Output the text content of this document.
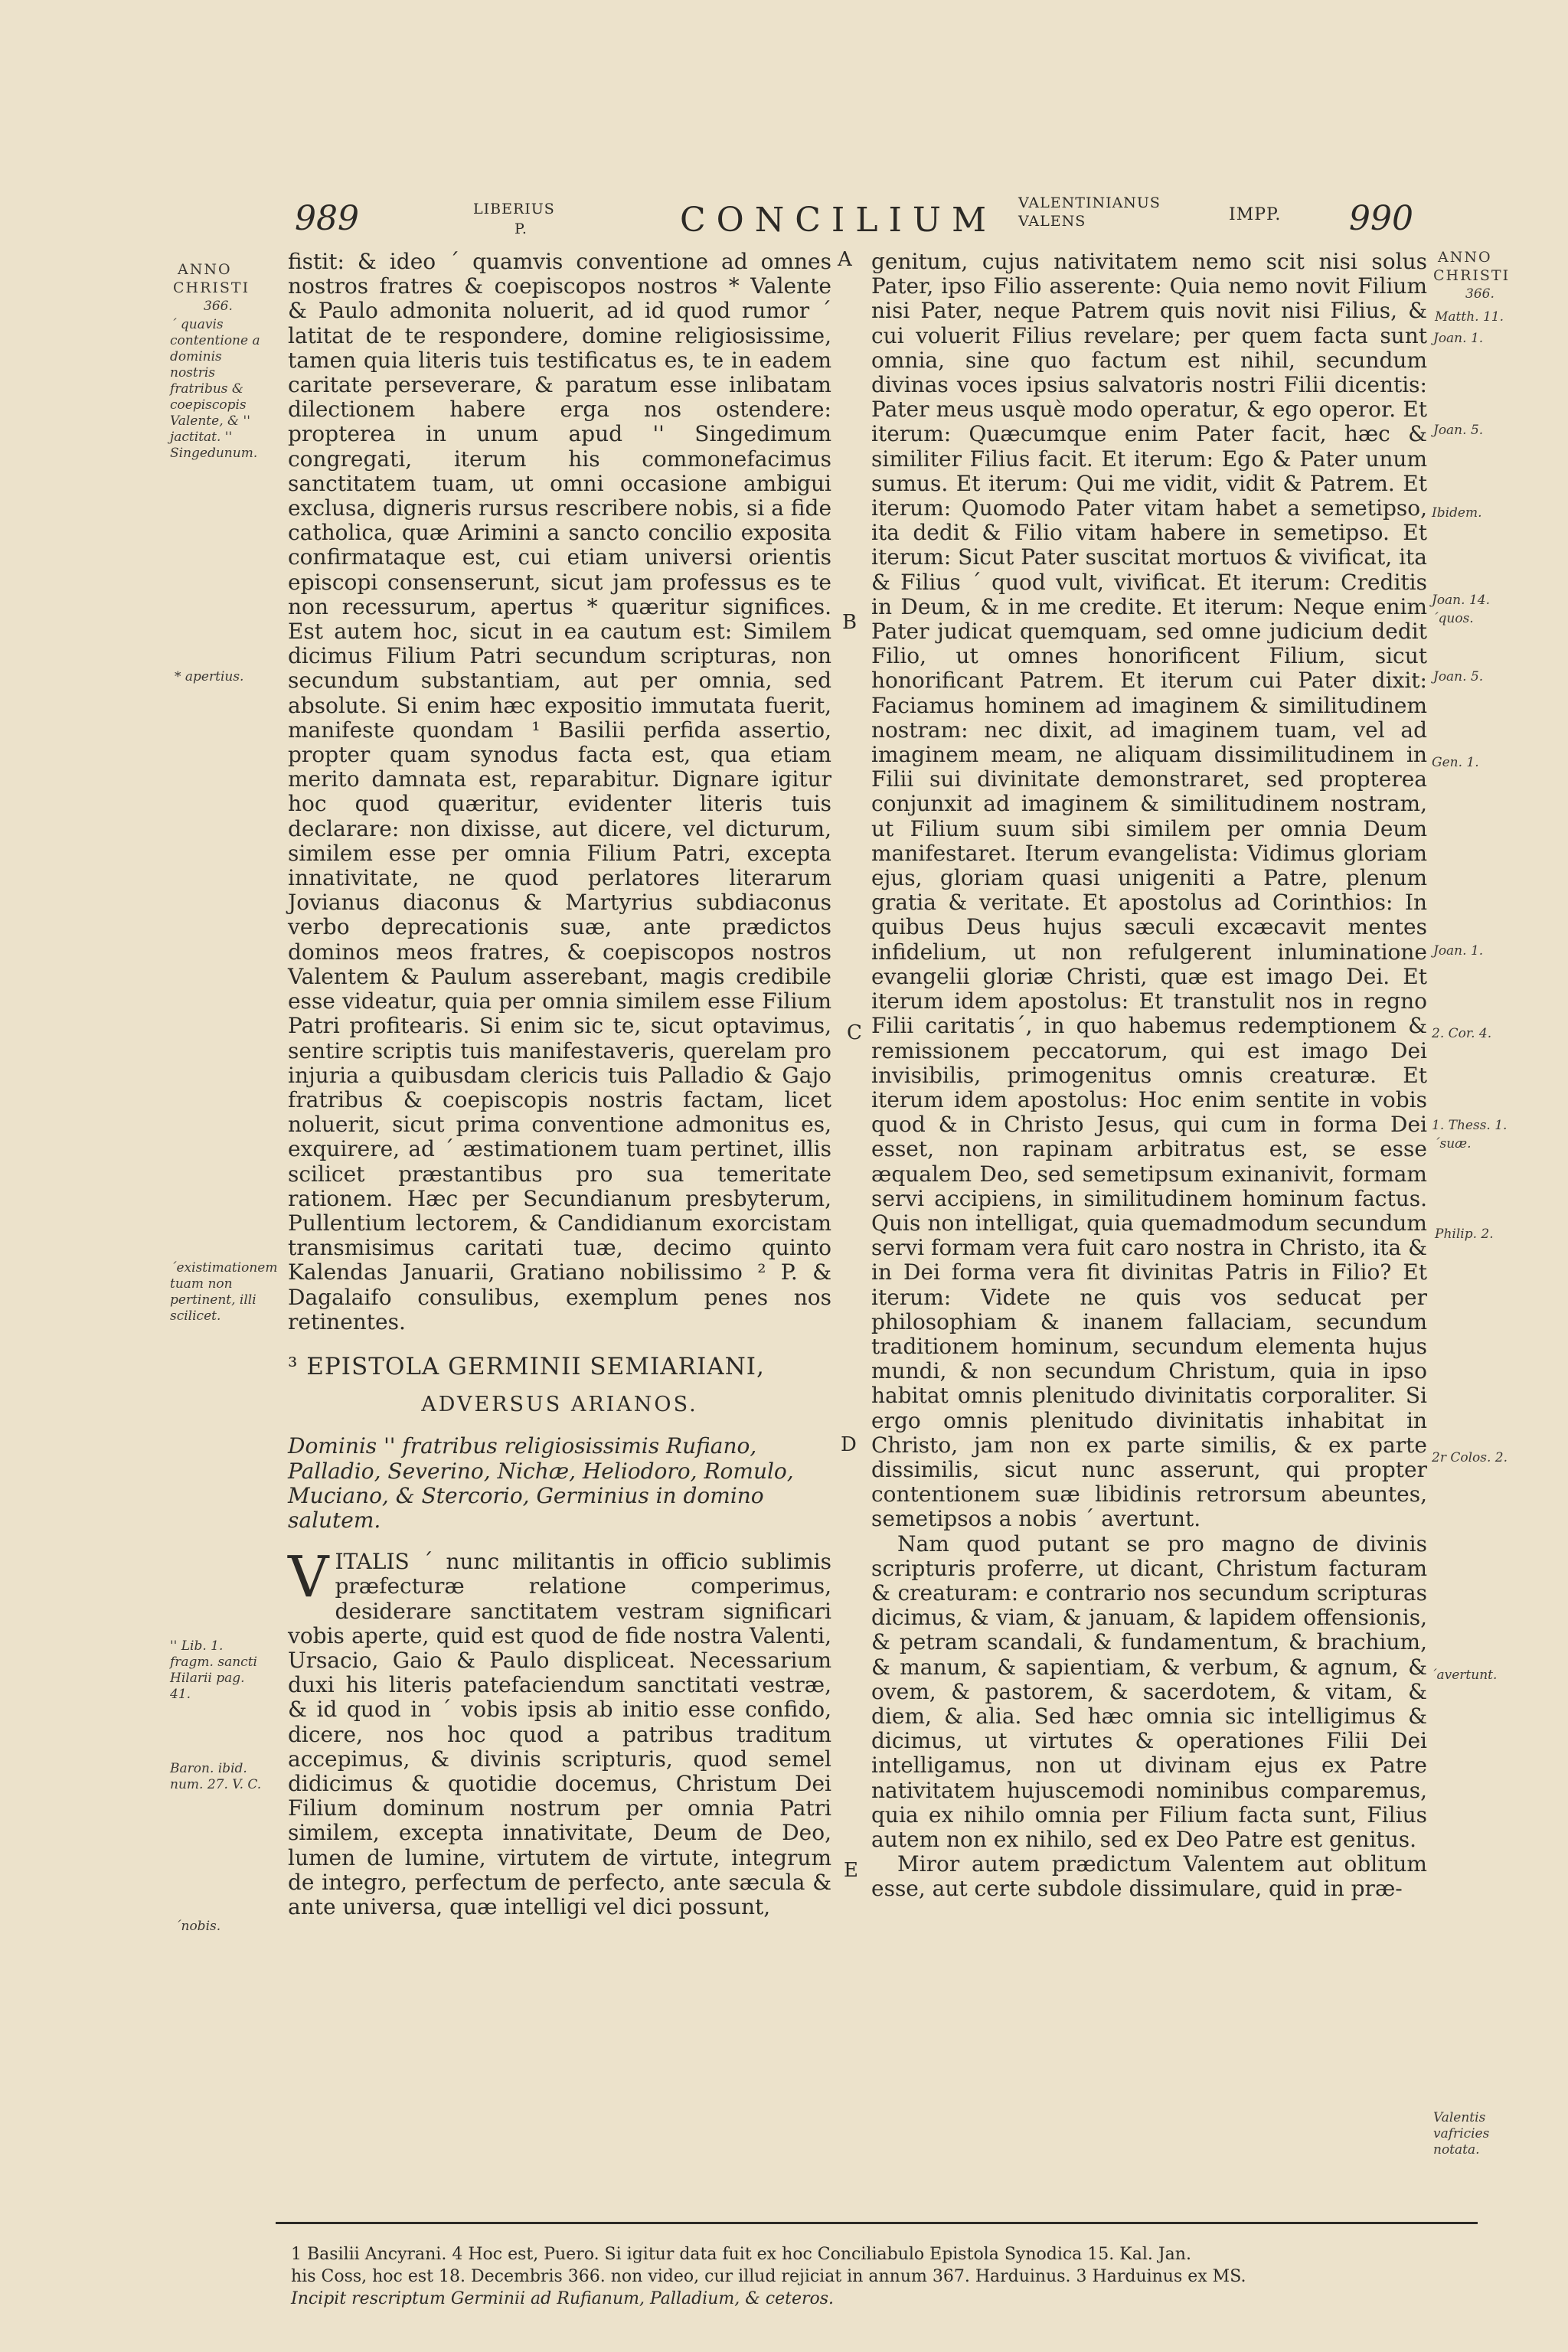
989	LIBERIUS
P.	CONCILIUM VALENTINIANUS
VALENS	IMPP. 990
ANNO
CHRISTI
366.
´ quavis contentione a dominis nostris fratribus & coepiscopis Valente, & '' jactitat. '' Singedunum.
* apertius.
´existimationem tuam non pertinent, illi scilicet.
'' Lib. 1. fragm. sancti Hilarii pag. 41.
Baron. ibid. num. 27. V. C.
´nobis.
ANNO
CHRISTI
366.
Matth. 11.
Joan. 1.
Joan. 5.
Ibidem.
Joan. 14.
´quos.
Joan. 5.
Gen. 1.
Joan. 1.
2. Cor. 4.
1. Thess. 1.
´suæ.
Philip. 2.
2r Colos. 2.
´avertunt.
Valentis vafricies notata.
A
B
C
D
E

fistit: & ideo ´ quamvis conventione ad omnes nostros fratres & coepiscopos nostros * Valente & Paulo admonita noluerit, ad id quod rumor ´ latitat de te respondere, domine religiosissime, tamen quia literis tuis testificatus es, te in eadem caritate perseverare, & paratum esse inlibatam dilectionem habere erga nos ostendere: propterea in unum apud '' Singedimum congregati, iterum his commonefacimus sanctitatem tuam, ut omni occasione ambigui exclusa, digneris rursus rescribere nobis, si a fide catholica, quæ Arimini a sancto concilio exposita confirmataque est, cui etiam universi orientis episcopi consenserunt, sicut jam professus es te non recessurum, apertus * quæritur significes. Est autem hoc, sicut in ea cautum est: Similem dicimus Filium Patri secundum scripturas, non secundum substantiam, aut per omnia, sed absolute. Si enim hæc expositio immutata fuerit, manifeste quondam ¹ Basilii perfida assertio, propter quam synodus facta est, qua etiam merito damnata est, reparabitur. Dignare igitur hoc quod quæritur, evidenter literis tuis declarare: non dixisse, aut dicere, vel dicturum, similem esse per omnia Filium Patri, excepta innativitate, ne quod perlatores literarum Jovianus diaconus & Martyrius subdiaconus verbo deprecationis suæ, ante prædictos dominos meos fratres, & coepiscopos nostros Valentem & Paulum asserebant, magis credibile esse videatur, quia per omnia similem esse Filium Patri profitearis. Si enim sic te, sicut optavimus, sentire scriptis tuis manifestaveris, querelam pro injuria a quibusdam clericis tuis Palladio & Gajo fratribus & coepiscopis nostris factam, licet noluerit, sicut prima conventione admonitus es, exquirere, ad ´ æstimationem tuam pertinet, illis scilicet præstantibus pro sua temeritate rationem. Hæc per Secundianum presbyterum, Pullentium lectorem, & Candidianum exorcistam transmisimus caritati tuæ, decimo quinto Kalendas Januarii, Gratiano nobilissimo ² P. & Dagalaifo consulibus, exemplum penes nos retinentes.

³ EPISTOLA GERMINII SEMIARIANI,

ADVERSUS ARIANOS.

Dominis '' fratribus religiosissimis Rufiano, Palladio, Severino, Nichæ, Heliodoro, Romulo, Muciano, & Stercorio, Germinius in domino salutem.

VITALIS ´ nunc militantis in officio sublimis præfecturæ relatione comperimus, desiderare sanctitatem vestram significari vobis aperte, quid est quod de fide nostra Valenti, Ursacio, Gaio & Paulo displiceat. Necessarium duxi his literis patefaciendum sanctitati vestræ, & id quod in ´ vobis ipsis ab initio esse confido, dicere, nos hoc quod a patribus traditum accepimus, & divinis scripturis, quod semel didicimus & quotidie docemus, Christum Dei Filium dominum nostrum per omnia Patri similem, excepta innativitate, Deum de Deo, lumen de lumine, virtutem de virtute, integrum de integro, perfectum de perfecto, ante sæcula & ante universa, quæ intelligi vel dici possunt,

genitum, cujus nativitatem nemo scit nisi solus Pater, ipso Filio asserente: Quia nemo novit Filium nisi Pater, neque Patrem quis novit nisi Filius, & cui voluerit Filius revelare; per quem facta sunt omnia, sine quo factum est nihil, secundum divinas voces ipsius salvatoris nostri Filii dicentis: Pater meus usquè modo operatur, & ego operor. Et iterum: Quæcumque enim Pater facit, hæc & similiter Filius facit. Et iterum: Ego & Pater unum sumus. Et iterum: Qui me vidit, vidit & Patrem. Et iterum: Quomodo Pater vitam habet a semetipso, ita dedit & Filio vitam habere in semetipso. Et iterum: Sicut Pater suscitat mortuos & vivificat, ita & Filius ´ quod vult, vivificat. Et iterum: Creditis in Deum, & in me credite. Et iterum: Neque enim Pater judicat quemquam, sed omne judicium dedit Filio, ut omnes honorificent Filium, sicut honorificant Patrem. Et iterum cui Pater dixit: Faciamus hominem ad imaginem & similitudinem nostram: nec dixit, ad imaginem tuam, vel ad imaginem meam, ne aliquam dissimilitudinem in Filii sui divinitate demonstraret, sed propterea conjunxit ad imaginem & similitudinem nostram, ut Filium suum sibi similem per omnia Deum manifestaret. Iterum evangelista: Vidimus gloriam ejus, gloriam quasi unigeniti a Patre, plenum gratia & veritate. Et apostolus ad Corinthios: In quibus Deus hujus sæculi excæcavit mentes infidelium, ut non refulgerent inluminatione evangelii gloriæ Christi, quæ est imago Dei. Et iterum idem apostolus: Et transtulit nos in regno Filii caritatis´, in quo habemus redemptionem & remissionem peccatorum, qui est imago Dei invisibilis, primogenitus omnis creaturæ. Et iterum idem apostolus: Hoc enim sentite in vobis quod & in Christo Jesus, qui cum in forma Dei esset, non rapinam arbitratus est, se esse æqualem Deo, sed semetipsum exinanivit, formam servi accipiens, in similitudinem hominum factus. Quis non intelligat, quia quemadmodum secundum servi formam vera fuit caro nostra in Christo, ita & in Dei forma vera fit divinitas Patris in Filio? Et iterum: Videte ne quis vos seducat per philosophiam & inanem fallaciam, secundum traditionem hominum, secundum elementa hujus mundi, & non secundum Christum, quia in ipso habitat omnis plenitudo divinitatis corporaliter. Si ergo omnis plenitudo divinitatis inhabitat in Christo, jam non ex parte similis, & ex parte dissimilis, sicut nunc asserunt, qui propter contentionem suæ libidinis retrorsum abeuntes, semetipsos a nobis ´ avertunt.

Nam quod putant se pro magno de divinis scripturis proferre, ut dicant, Christum facturam & creaturam: e contrario nos secundum scripturas dicimus, & viam, & januam, & lapidem offensionis, & petram scandali, & fundamentum, & brachium, & manum, & sapientiam, & verbum, & agnum, & ovem, & pastorem, & sacerdotem, & vitam, & diem, & alia. Sed hæc omnia sic intelligimus & dicimus, ut virtutes & operationes Filii Dei intelligamus, non ut divinam ejus ex Patre nativitatem hujuscemodi nominibus comparemus, quia ex nihilo omnia per Filium facta sunt, Filius autem non ex nihilo, sed ex Deo Patre est genitus.

Miror autem prædictum Valentem aut oblitum esse, aut certe subdole dissimulare, quid in præ-

1 Basilii Ancyrani. 4 Hoc est, Puero. Si igitur data fuit ex hoc Conciliabulo Epistola Synodica 15. Kal. Jan.
his Coss, hoc est 18. Decembris 366. non video, cur illud rejiciat in annum 367. Harduinus. 3 Harduinus ex MS.
Incipit rescriptum Germinii ad Rufianum, Palladium, & ceteros.
